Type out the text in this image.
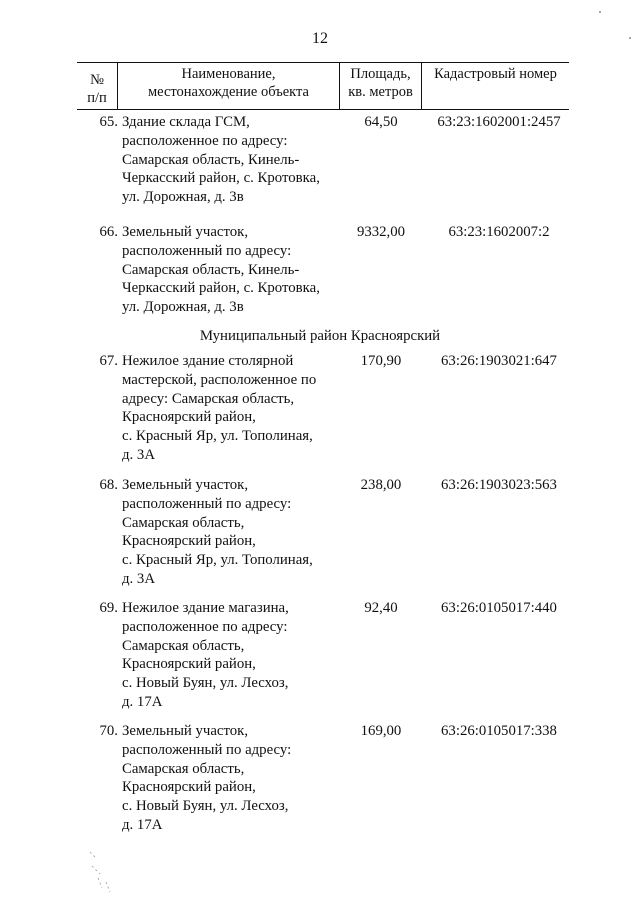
12
№
п/п
Наименование,
местонахождение объекта
Площадь,
кв. метров
Кадастровый номер
65. Здание склада ГСМ,
расположенное по адресу:
Самарская область, Кинель-
Черкасский район, с. Кротовка,
ул. Дорожная, д. 3в
64,50	63:23:1602001:2457
66. Земельный участок,
расположенный по адресу:
Самарская область, Кинель-
Черкасский район, с. Кротовка,
ул. Дорожная, д. 3в
9332,00	63:23:1602007:2
Муниципальный район Красноярский
67. Нежилое здание столярной
мастерской, расположенное по
адресу: Самарская область,
Красноярский район,
с. Красный Яр, ул. Тополиная,
д. 3А
170,90	63:26:1903021:647
68. Земельный участок,
расположенный по адресу:
Самарская область,
Красноярский район,
с. Красный Яр, ул. Тополиная,
д. 3А
238,00	63:26:1903023:563
69. Нежилое здание магазина,
расположенное по адресу:
Самарская область,
Красноярский район,
с. Новый Буян, ул. Лесхоз,
д. 17А
92,40	63:26:0105017:440
70. Земельный участок,
расположенный по адресу:
Самарская область,
Красноярский район,
с. Новый Буян, ул. Лесхоз,
д. 17А
169,00	63:26:0105017:338
